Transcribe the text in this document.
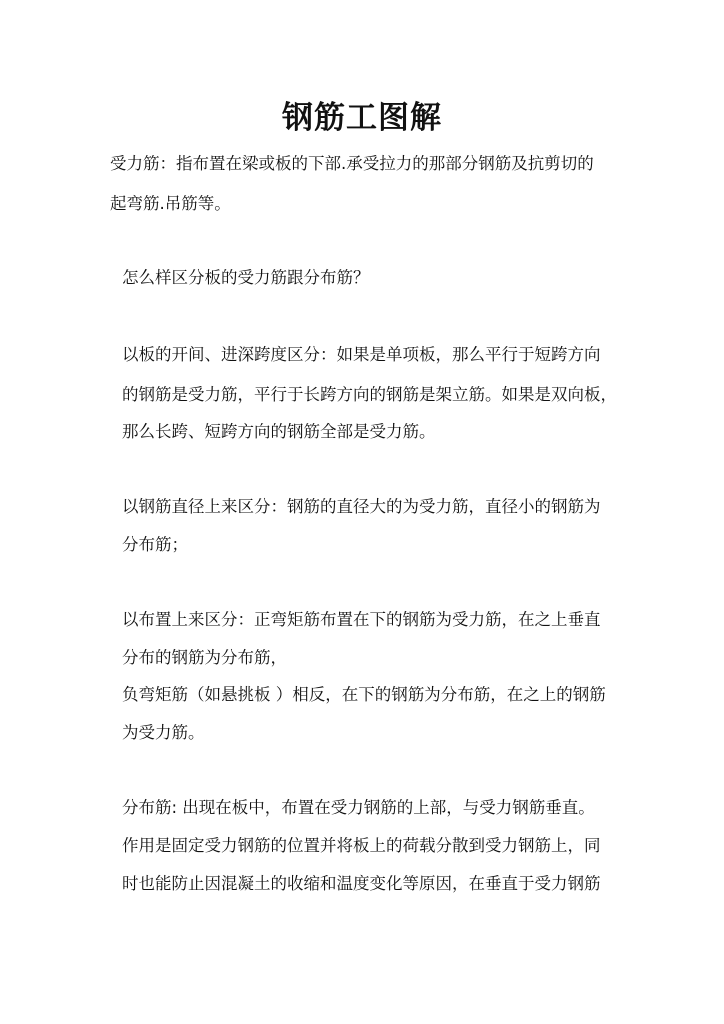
钢筋工图解
受力筋：指布置在梁或板的下部.承受拉力的那部分钢筋及抗剪切的
起弯筋.吊筋等。
怎么样区分板的受力筋跟分布筋？
以板的开间、进深跨度区分：如果是单项板，那么平行于短跨方向
的钢筋是受力筋，平行于长跨方向的钢筋是架立筋。如果是双向板，
那么长跨、短跨方向的钢筋全部是受力筋。
以钢筋直径上来区分：钢筋的直径大的为受力筋，直径小的钢筋为
分布筋；
以布置上来区分：正弯矩筋布置在下的钢筋为受力筋，在之上垂直
分布的钢筋为分布筋，
负弯矩筋（如悬挑板 ）相反，在下的钢筋为分布筋，在之上的钢筋
为受力筋。
分布筋: 出现在板中，布置在受力钢筋的上部，与受力钢筋垂直。
作用是固定受力钢筋的位置并将板上的荷载分散到受力钢筋上，同
时也能防止因混凝土的收缩和温度变化等原因，在垂直于受力钢筋
